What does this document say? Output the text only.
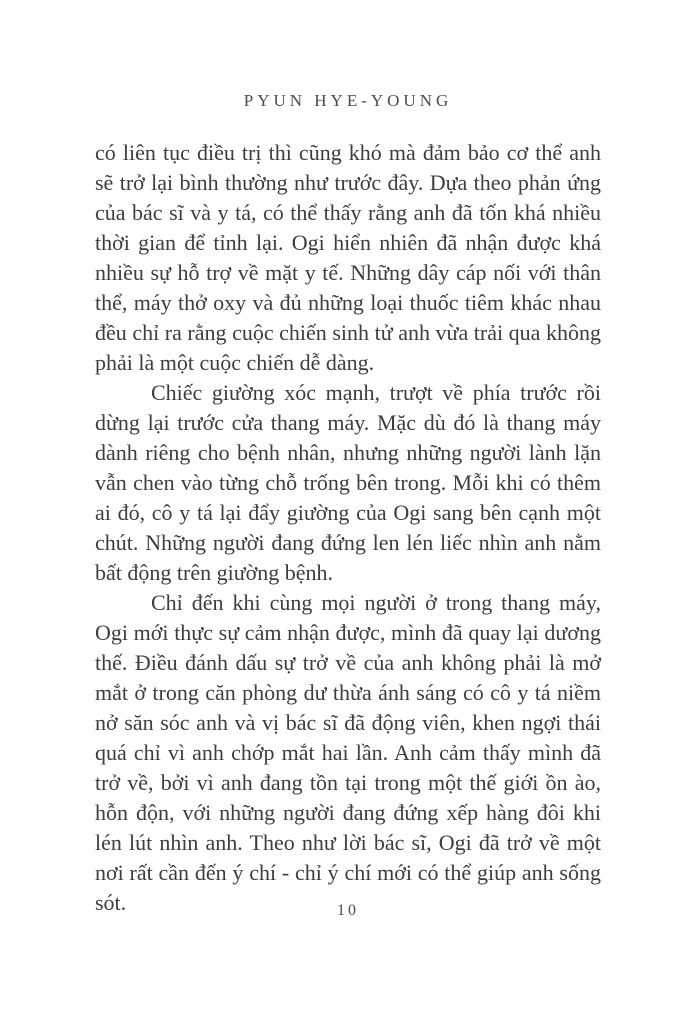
PYUN HYE-YOUNG

có liên tục điều trị thì cũng khó mà đảm bảo cơ thể anh sẽ trở lại bình thường như trước đây. Dựa theo phản ứng của bác sĩ và y tá, có thể thấy rằng anh đã tốn khá nhiều thời gian để tỉnh lại. Ogi hiển nhiên đã nhận được khá nhiều sự hỗ trợ về mặt y tế. Những dây cáp nối với thân thể, máy thở oxy và đủ những loại thuốc tiêm khác nhau đều chỉ ra rằng cuộc chiến sinh tử anh vừa trải qua không phải là một cuộc chiến dễ dàng.

Chiếc giường xóc mạnh, trượt về phía trước rồi dừng lại trước cửa thang máy. Mặc dù đó là thang máy dành riêng cho bệnh nhân, nhưng những người lành lặn vẫn chen vào từng chỗ trống bên trong. Mỗi khi có thêm ai đó, cô y tá lại đẩy giường của Ogi sang bên cạnh một chút. Những người đang đứng len lén liếc nhìn anh nằm bất động trên giường bệnh.

Chỉ đến khi cùng mọi người ở trong thang máy, Ogi mới thực sự cảm nhận được, mình đã quay lại dương thế. Điều đánh dấu sự trở về của anh không phải là mở mắt ở trong căn phòng dư thừa ánh sáng có cô y tá niềm nở săn sóc anh và vị bác sĩ đã động viên, khen ngợi thái quá chỉ vì anh chớp mắt hai lần. Anh cảm thấy mình đã trở về, bởi vì anh đang tồn tại trong một thế giới ồn ào, hỗn độn, với những người đang đứng xếp hàng đôi khi lén lút nhìn anh. Theo như lời bác sĩ, Ogi đã trở về một nơi rất cần đến ý chí - chỉ ý chí mới có thể giúp anh sống sót.	10
